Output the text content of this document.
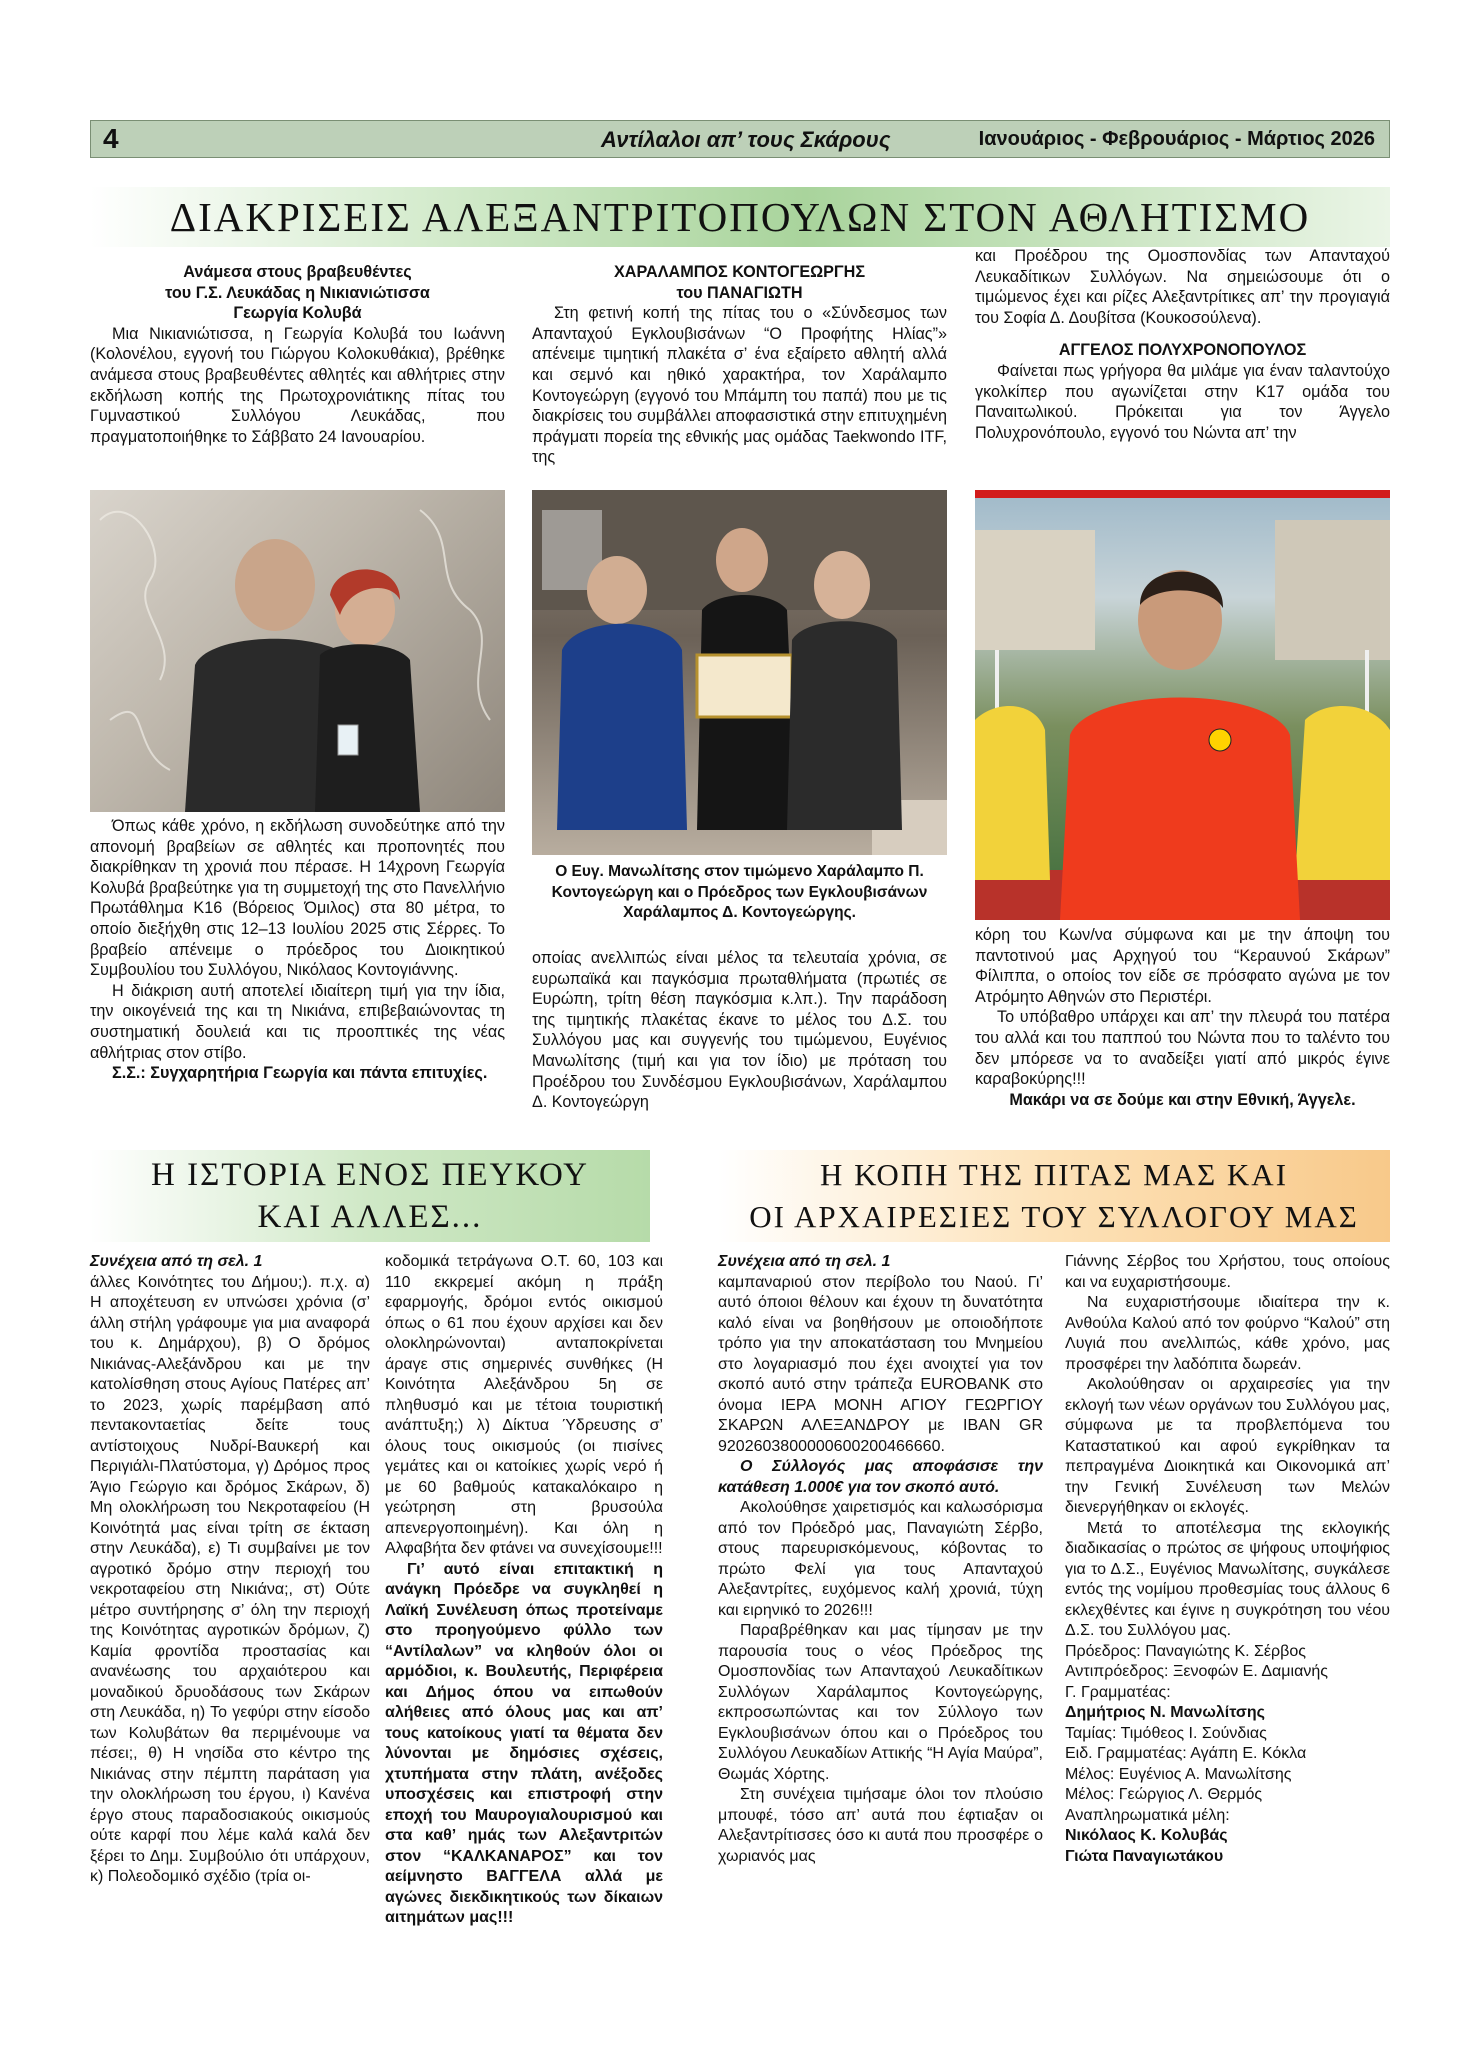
4	Αντίλαλοι απ’ τους Σκάρους	Ιανουάριος - Φεβρουάριος - Μάρτιος 2026
ΔΙΑΚΡΙΣΕΙΣ ΑΛΕΞΑΝΤΡΙΤΟΠΟΥΛΩΝ ΣΤΟΝ ΑΘΛΗΤΙΣΜΟ

Ανάμεσα στους βραβευθέντες

του Γ.Σ. Λευκάδας η Νικιανιώτισσα

Γεωργία Κολυβά

Μια Νικιανιώτισσα, η Γεωργία Κολυβά του Ιωάννη (Κολονέλου, εγγονή του Γιώργου Κολοκυθάκια), βρέθηκε ανάμεσα στους βραβευθέντες αθλητές και αθλήτριες στην εκδήλωση κοπής της Πρωτοχρονιάτικης πίτας του Γυμναστικού Συλλόγου Λευκάδας, που πραγματοποιήθηκε το Σάββατο 24 Ιανουαρίου.

Όπως κάθε χρόνο, η εκδήλωση συνοδεύτηκε από την απονομή βραβείων σε αθλητές και προπονητές που διακρίθηκαν τη χρονιά που πέρασε. Η 14χρονη Γεωργία Κολυβά βραβεύτηκε για τη συμμετοχή της στο Πανελλήνιο Πρωτάθλημα Κ16 (Βόρειος Όμιλος) στα 80 μέτρα, το οποίο διεξήχθη στις 12–13 Ιουλίου 2025 στις Σέρρες. Το βραβείο απένειμε ο πρόεδρος του Διοικητικού Συμβουλίου του Συλλόγου, Νικόλαος Κοντογιάννης.

Η διάκριση αυτή αποτελεί ιδιαίτερη τιμή για την ίδια, την οικογένειά της και τη Νικιάνα, επιβεβαιώνοντας τη συστηματική δουλειά και τις προοπτικές της νέας αθλήτριας στον στίβο.

Σ.Σ.: Συγχαρητήρια Γεωργία και πάντα επιτυχίες.

ΧΑΡΑΛΑΜΠΟΣ ΚΟΝΤΟΓΕΩΡΓΗΣ

του ΠΑΝΑΓΙΩΤΗ

Στη φετινή κοπή της πίτας του ο «Σύνδεσμος των Απανταχού Εγκλουβισάνων “Ο Προφήτης Ηλίας”» απένειμε τιμητική πλακέτα σ’ ένα εξαίρετο αθλητή αλλά και σεμνό και ηθικό χαρακτήρα, τον Χαράλαμπο Κοντογεώργη (εγγονό του Μπάμπη του παπά) που με τις διακρίσεις του συμβάλλει αποφασιστικά στην επιτυχημένη πράγματι πορεία της εθνικής μας ομάδας Taekwondo ITF, της

Ο Ευγ. Μανωλίτσης στον τιμώμενο Χαράλαμπο Π. Κοντογεώργη και ο Πρόεδρος των Εγκλουβισάνων Χαράλαμπος Δ. Κοντογεώργης.

οποίας ανελλιπώς είναι μέλος τα τελευταία χρόνια, σε ευρωπαϊκά και παγκόσμια πρωταθλήματα (πρωτιές σε Ευρώπη, τρίτη θέση παγκόσμια κ.λπ.). Την παράδοση της τιμητικής πλακέτας έκανε το μέλος του Δ.Σ. του Συλλόγου μας και συγγενής του τιμώμενου, Ευγένιος Μανωλίτσης (τιμή και για τον ίδιο) με πρόταση του Προέδρου του Συνδέσμου Εγκλουβισάνων, Χαράλαμπου Δ. Κοντογεώργη

και Προέδρου της Ομοσπονδίας των Απανταχού Λευκαδίτικων Συλλόγων. Να σημειώσουμε ότι ο τιμώμενος έχει και ρίζες Αλεξαντρίτικες απ’ την προγιαγιά του Σοφία Δ. Δουβίτσα (Κουκοσούλενα).

ΑΓΓΕΛΟΣ ΠΟΛΥΧΡΟΝΟΠΟΥΛΟΣ

Φαίνεται πως γρήγορα θα μιλάμε για έναν ταλαντούχο γκολκίπερ που αγωνίζεται στην Κ17 ομάδα του Παναιτωλικού. Πρόκειται για τον Άγγελο Πολυχρονόπουλο, εγγονό του Νώντα απ’ την

κόρη του Κων/να σύμφωνα και με την άποψη του παντοτινού μας Αρχηγού του “Κεραυνού Σκάρων” Φίλιππα, ο οποίος τον είδε σε πρόσφατο αγώνα με τον Ατρόμητο Αθηνών στο Περιστέρι.

Το υπόβαθρο υπάρχει και απ’ την πλευρά του πατέρα του αλλά και του παππού του Νώντα που το ταλέντο του δεν μπόρεσε να το αναδείξει γιατί από μικρός έγινε καραβοκύρης!!!

Μακάρι να σε δούμε και στην Εθνική, Άγγελε.

Η ΙΣΤΟΡΙΑ ΕΝΟΣ ΠΕΥΚΟΥ
ΚΑΙ ΑΛΛΕΣ...
Η ΚΟΠΗ ΤΗΣ ΠΙΤΑΣ ΜΑΣ ΚΑΙ
ΟΙ ΑΡΧΑΙΡΕΣΙΕΣ ΤΟΥ ΣΥΛΛΟΓΟΥ ΜΑΣ

Συνέχεια από τη σελ. 1

άλλες Κοινότητες του Δήμου;). π.χ. α) Η αποχέτευση εν υπνώσει χρόνια (σ’ άλλη στήλη γράφουμε για μια αναφορά του κ. Δημάρχου), β) Ο δρόμος Νικιάνας-Αλεξάνδρου και με την κατολίσθηση στους Αγίους Πατέρες απ’ το 2023, χωρίς παρέμβαση από πεντακονταετίας δείτε τους αντίστοιχους Νυδρί-Βαυκερή και Περιγιάλι-Πλατύστομα, γ) Δρόμος προς Άγιο Γεώργιο και δρόμος Σκάρων, δ) Μη ολοκλήρωση του Νεκροταφείου (Η Κοινότητά μας είναι τρίτη σε έκταση στην Λευκάδα), ε) Τι συμβαίνει με τον αγροτικό δρόμο στην περιοχή του νεκροταφείου στη Νικιάνα;, στ) Ούτε μέτρο συντήρησης σ’ όλη την περιοχή της Κοινότητας αγροτικών δρόμων, ζ) Καμία φροντίδα προστασίας και ανανέωσης του αρχαιότερου και μοναδικού δρυοδάσους των Σκάρων στη Λευκάδα, η) Το γεφύρι στην είσοδο των Κολυβάτων θα περιμένουμε να πέσει;, θ) Η νησίδα στο κέντρο της Νικιάνας στην πέμπτη παράταση για την ολοκλήρωση του έργου, ι) Κανένα έργο στους παραδοσιακούς οικισμούς ούτε καρφί που λέμε καλά καλά δεν ξέρει το Δημ. Συμβούλιο ότι υπάρχουν, κ) Πολεοδομικό σχέδιο (τρία οι-

κοδομικά τετράγωνα Ο.Τ. 60, 103 και 110 εκκρεμεί ακόμη η πράξη εφαρμογής, δρόμοι εντός οικισμού όπως ο 61 που έχουν αρχίσει και δεν ολοκληρώνονται) ανταποκρίνεται άραγε στις σημερινές συνθήκες (Η Κοινότητα Αλεξάνδρου 5η σε πληθυσμό και με τέτοια τουριστική ανάπτυξη;) λ) Δίκτυα Ύδρευσης σ’ όλους τους οικισμούς (οι πισίνες γεμάτες και οι κατοίκιες χωρίς νερό ή με 60 βαθμούς κατακαλόκαιρο η γεώτρηση στη βρυσούλα απενεργοποιημένη). Και όλη η Αλφαβήτα δεν φτάνει να συνεχίσουμε!!!

Γι’ αυτό είναι επιτακτική η ανάγκη Πρόεδρε να συγκληθεί η Λαϊκή Συνέλευση όπως προτείναμε στο προηγούμενο φύλλο των “Αντίλαλων” να κληθούν όλοι οι αρμόδιοι, κ. Βουλευτής, Περιφέρεια και Δήμος όπου να ειπωθούν αλήθειες από όλους μας και απ’ τους κατοίκους γιατί τα θέματα δεν λύνονται με δημόσιες σχέσεις, χτυπήματα στην πλάτη, ανέξοδες υποσχέσεις και επιστροφή στην εποχή του Μαυρογιαλουρισμού και στα καθ’ ημάς των Αλεξαντριτών στον “ΚΑΛΚΑΝΑΡΟΣ” και τον αείμνηστο ΒΑΓΓΕΛΑ αλλά με αγώνες διεκδικητικούς των δίκαιων αιτημάτων μας!!!

Συνέχεια από τη σελ. 1

καμπαναριού στον περίβολο του Ναού. Γι’ αυτό όποιοι θέλουν και έχουν τη δυνατότητα καλό είναι να βοηθήσουν με οποιοδήποτε τρόπο για την αποκατάσταση του Μνημείου στο λογαριασμό που έχει ανοιχτεί για τον σκοπό αυτό στην τράπεζα EUROBANK στο όνομα ΙΕΡΑ ΜΟΝΗ ΑΓΙΟΥ ΓΕΩΡΓΙΟΥ ΣΚΑΡΩΝ ΑΛΕΞΑΝΔΡΟΥ με IBAN GR 9202603800000600200466660.

Ο Σύλλογός μας αποφάσισε την κατάθεση 1.000€ για τον σκοπό αυτό.

Ακολούθησε χαιρετισμός και καλωσόρισμα από τον Πρόεδρό μας, Παναγιώτη Σέρβο, στους παρευρισκόμενους, κόβοντας το πρώτο Φελί για τους Απανταχού Αλεξαντρίτες, ευχόμενος καλή χρονιά, τύχη και ειρηνικό το 2026!!!

Παραβρέθηκαν και μας τίμησαν με την παρουσία τους ο νέος Πρόεδρος της Ομοσπονδίας των Απανταχού Λευκαδίτικων Συλλόγων Χαράλαμπος Κοντογεώργης, εκπροσωπώντας και τον Σύλλογο των Εγκλουβισάνων όπου και ο Πρόεδρος του Συλλόγου Λευκαδίων Αττικής “Η Αγία Μαύρα”, Θωμάς Χόρτης.

Στη συνέχεια τιμήσαμε όλοι τον πλούσιο μπουφέ, τόσο απ’ αυτά που έφτιαξαν οι Αλεξαντρίτισσες όσο κι αυτά που προσφέρε ο χωριανός μας

Γιάννης Σέρβος του Χρήστου, τους οποίους και να ευχαριστήσουμε.

Να ευχαριστήσουμε ιδιαίτερα την κ. Ανθούλα Καλού από τον φούρνο “Καλού” στη Λυγιά που ανελλιπώς, κάθε χρόνο, μας προσφέρει την λαδόπιτα δωρεάν.

Ακολούθησαν οι αρχαιρεσίες για την εκλογή των νέων οργάνων του Συλλόγου μας, σύμφωνα με τα προβλεπόμενα του Καταστατικού και αφού εγκρίθηκαν τα πεπραγμένα Διοικητικά και Οικονομικά απ’ την Γενική Συνέλευση των Μελών διενεργήθηκαν οι εκλογές.

Μετά το αποτέλεσμα της εκλογικής διαδικασίας ο πρώτος σε ψήφους υποψήφιος για το Δ.Σ., Ευγένιος Μανωλίτσης, συγκάλεσε εντός της νομίμου προθεσμίας τους άλλους 6 εκλεχθέντες και έγινε η συγκρότηση του νέου Δ.Σ. του Συλλόγου μας.

Πρόεδρος: Παναγιώτης Κ. Σέρβος

Αντιπρόεδρος: Ξενοφών Ε. Δαμιανής

Γ. Γραμματέας:

Δημήτριος Ν. Μανωλίτσης

Ταμίας: Τιμόθεος Ι. Σούνδιας

Ειδ. Γραμματέας: Αγάπη Ε. Κόκλα

Μέλος: Ευγένιος Α. Μανωλίτσης

Μέλος: Γεώργιος Λ. Θερμός

Αναπληρωματικά μέλη:

Νικόλαος Κ. Κολυβάς

Γιώτα Παναγιωτάκου
